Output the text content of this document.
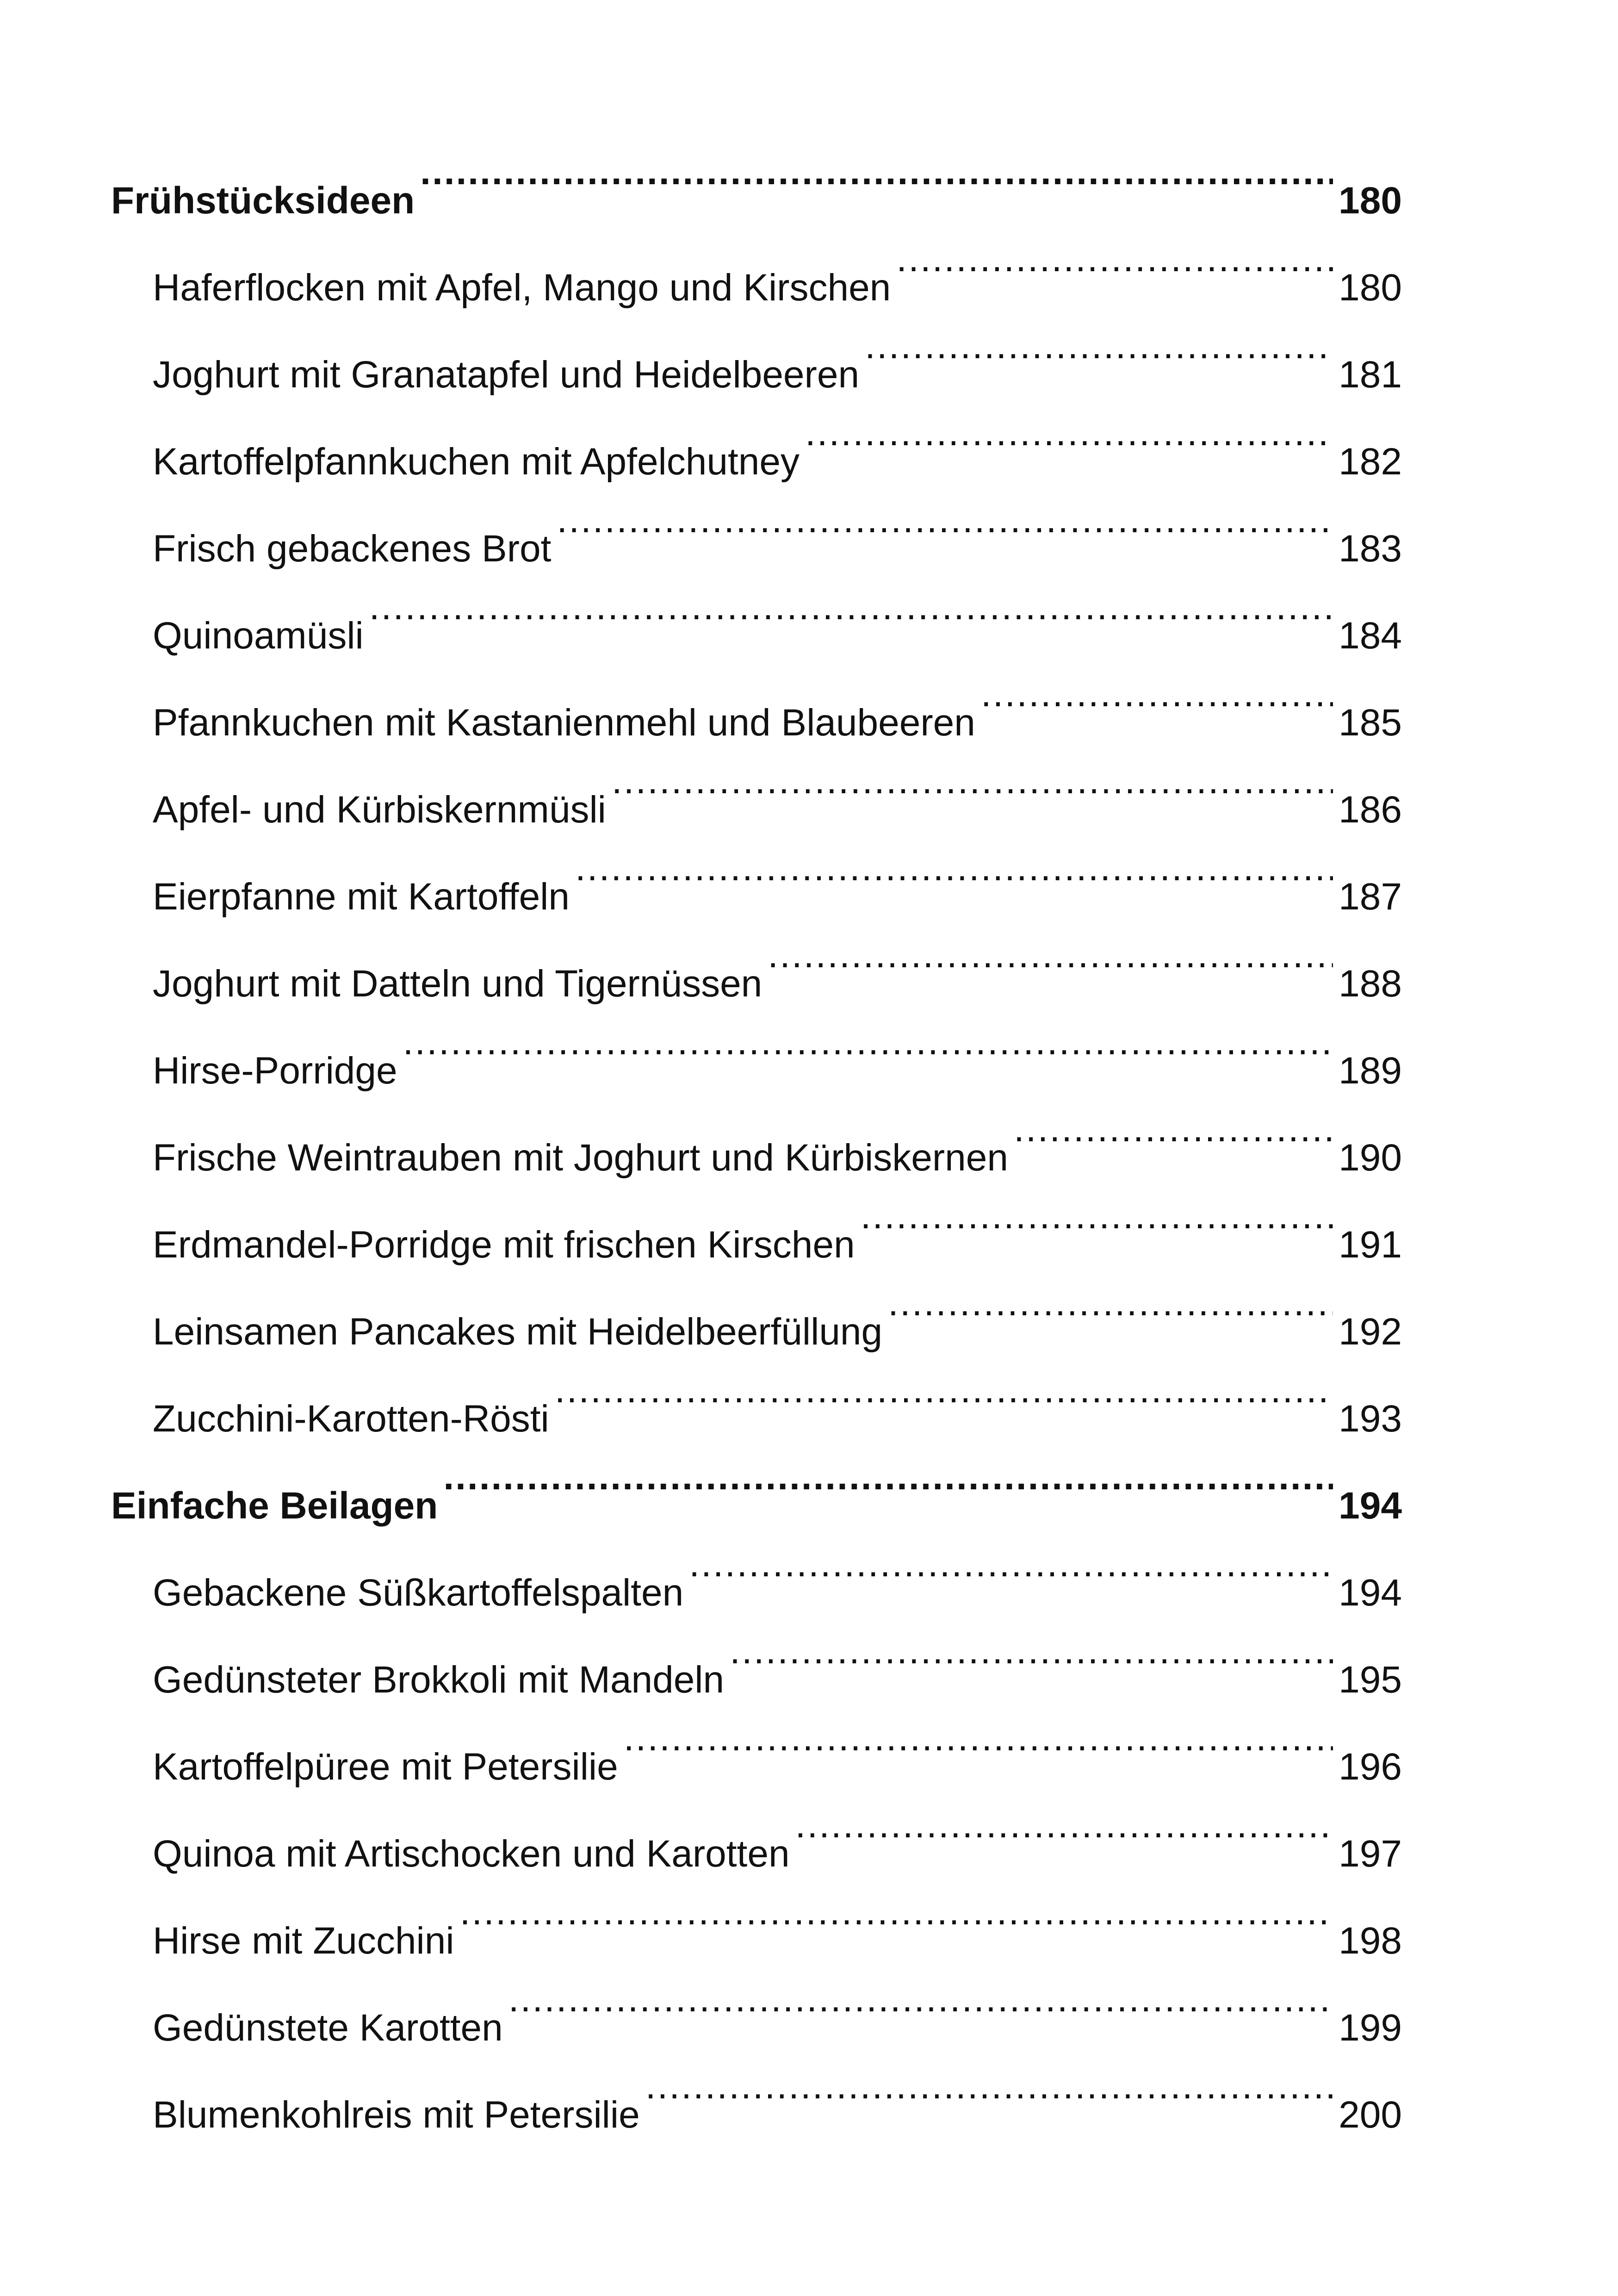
Frühstücksideen .....	180
Haferflocken mit Apfel, Mango und Kirschen .....	180
Joghurt mit Granatapfel und Heidelbeeren .....	181
Kartoffelpfannkuchen mit Apfelchutney .....	182
Frisch gebackenes Brot .....	183
Quinoamüsli .....	184
Pfannkuchen mit Kastanienmehl und Blaubeeren .....	185
Apfel- und Kürbiskernmüsli .....	186
Eierpfanne mit Kartoffeln .....	187
Joghurt mit Datteln und Tigernüssen .....	188
Hirse-Porridge .....	189
Frische Weintrauben mit Joghurt und Kürbiskernen .....	190
Erdmandel-Porridge mit frischen Kirschen .....	191
Leinsamen Pancakes mit Heidelbeerfüllung .....	192
Zucchini-Karotten-Rösti .....	193
Einfache Beilagen .....	194
Gebackene Süßkartoffelspalten .....	194
Gedünsteter Brokkoli mit Mandeln .....	195
Kartoffelpüree mit Petersilie .....	196
Quinoa mit Artischocken und Karotten .....	197
Hirse mit Zucchini .....	198
Gedünstete Karotten .....	199
Blumenkohlreis mit Petersilie .....	200
